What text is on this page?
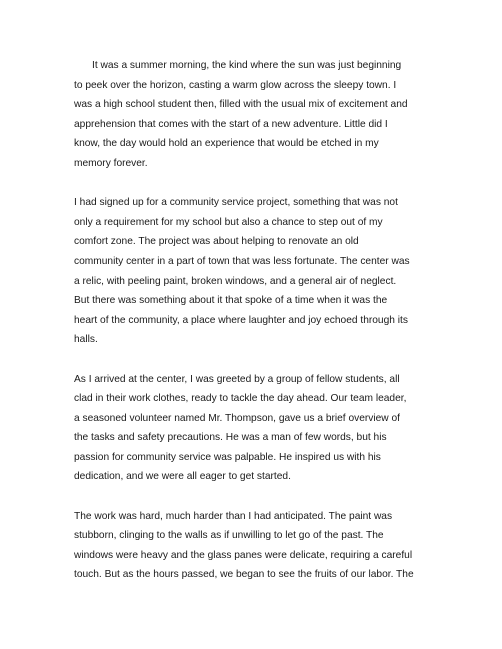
It was a summer morning, the kind where the sun was just beginning
to peek over the horizon, casting a warm glow across the sleepy town. I
was a high school student then, filled with the usual mix of excitement and
apprehension that comes with the start of a new adventure. Little did I
know, the day would hold an experience that would be etched in my
memory forever.
I had signed up for a community service project, something that was not
only a requirement for my school but also a chance to step out of my
comfort zone. The project was about helping to renovate an old
community center in a part of town that was less fortunate. The center was
a relic, with peeling paint, broken windows, and a general air of neglect.
But there was something about it that spoke of a time when it was the
heart of the community, a place where laughter and joy echoed through its
halls.
As I arrived at the center, I was greeted by a group of fellow students, all
clad in their work clothes, ready to tackle the day ahead. Our team leader,
a seasoned volunteer named Mr. Thompson, gave us a brief overview of
the tasks and safety precautions. He was a man of few words, but his
passion for community service was palpable. He inspired us with his
dedication, and we were all eager to get started.
The work was hard, much harder than I had anticipated. The paint was
stubborn, clinging to the walls as if unwilling to let go of the past. The
windows were heavy and the glass panes were delicate, requiring a careful
touch. But as the hours passed, we began to see the fruits of our labor. The
